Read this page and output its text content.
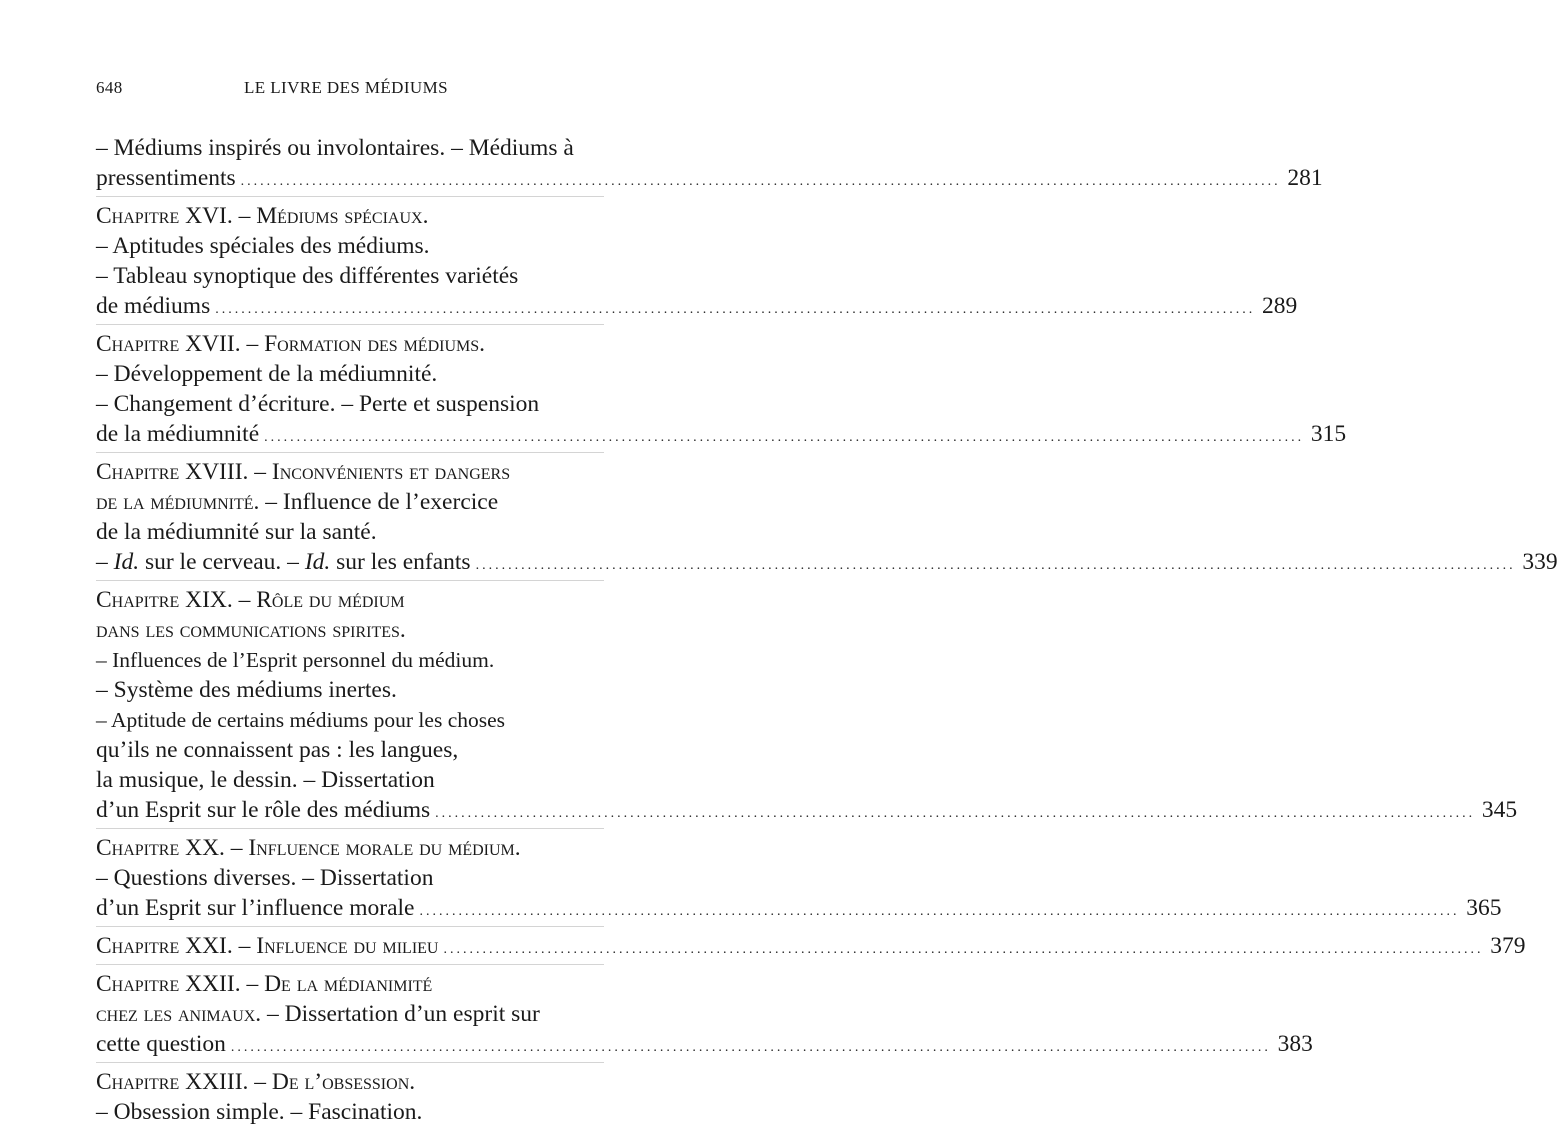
648	LE LIVRE DES MÉDIUMS
– Médiums inspirés ou involontaires. – Médiums à
pressentiments ................................................................................................................................................................ 281
Chapitre XVI. – Médiums spéciaux.
– Aptitudes spéciales des médiums.
– Tableau synoptique des différentes variétés
de médiums ................................................................................................................................................................ 289
Chapitre XVII. – Formation des médiums.
– Développement de la médiumnité.
– Changement d’écriture. – Perte et suspension
de la médiumnité ................................................................................................................................................................ 315
Chapitre XVIII. – Inconvénients et dangers
de la médiumnité. – Influence de l’exercice
de la médiumnité sur la santé.
– Id. sur le cerveau. – Id. sur les enfants ................................................................................................................................................................ 339
Chapitre XIX. – Rôle du médium
dans les communications spirites.
– Influences de l’Esprit personnel du médium.
– Système des médiums inertes.
– Aptitude de certains médiums pour les choses
qu’ils ne connaissent pas : les langues,
la musique, le dessin. – Dissertation
d’un Esprit sur le rôle des médiums ................................................................................................................................................................ 345
Chapitre XX. – Influence morale du médium.
– Questions diverses. – Dissertation
d’un Esprit sur l’influence morale ................................................................................................................................................................ 365
Chapitre XXI. – Influence du milieu ................................................................................................................................................................ 379
Chapitre XXII. – De la médianimité
chez les animaux. – Dissertation d’un esprit sur
cette question ................................................................................................................................................................ 383
Chapitre XXIII. – De l’obsession.
– Obsession simple. – Fascination.
